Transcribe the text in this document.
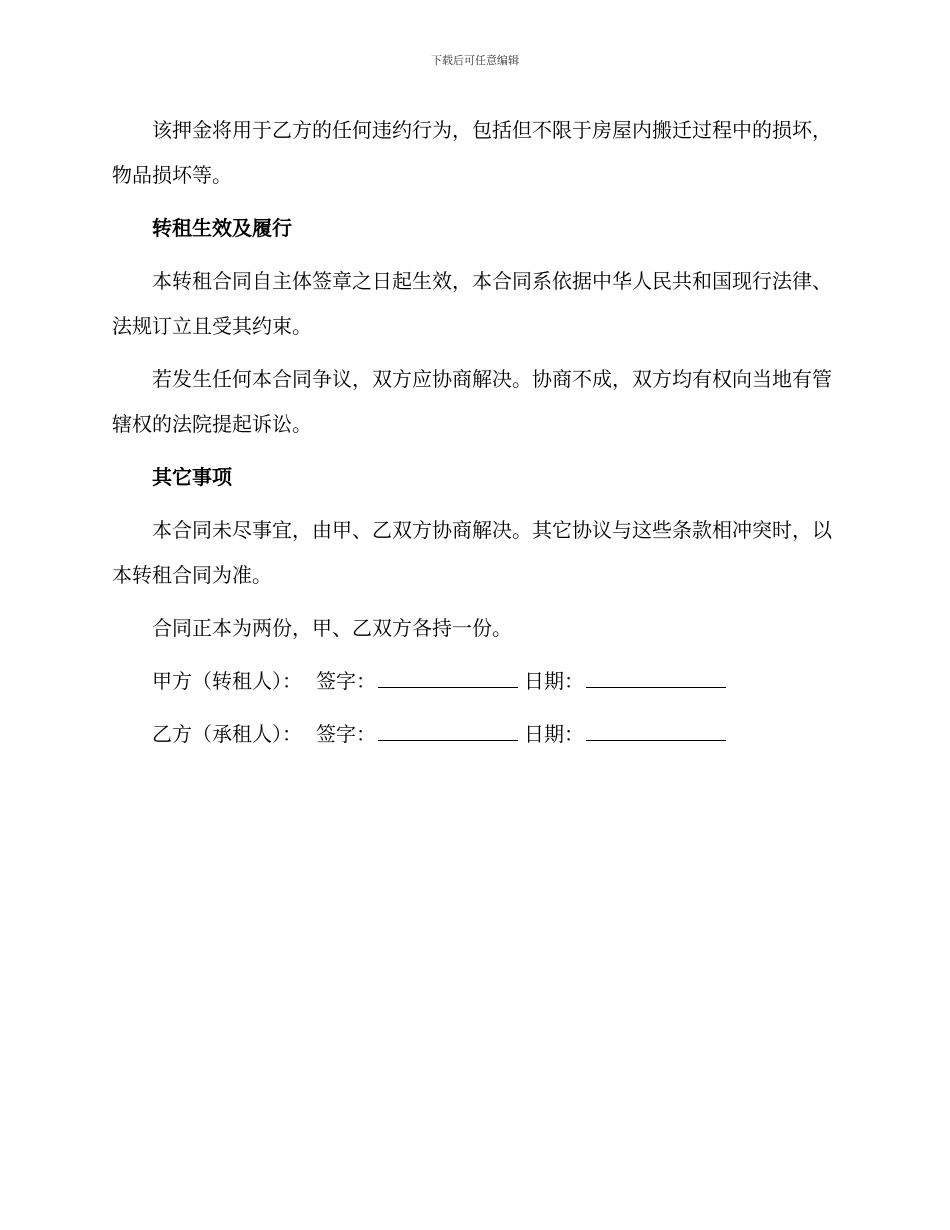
下载后可任意编辑

该押金将用于乙方的任何违约行为，包括但不限于房屋内搬迁过程中的损坏，物品损坏等。

转租生效及履行

本转租合同自主体签章之日起生效，本合同系依据中华人民共和国现行法律、法规订立且受其约束。

若发生任何本合同争议，双方应协商解决。协商不成，双方均有权向当地有管辖权的法院提起诉讼。

其它事项

本合同未尽事宜，由甲、乙双方协商解决。其它协议与这些条款相冲突时，以本转租合同为准。

合同正本为两份，甲、乙双方各持一份。

甲方（转租人）： 签字：	日期：
乙方（承租人）： 签字：	日期：
